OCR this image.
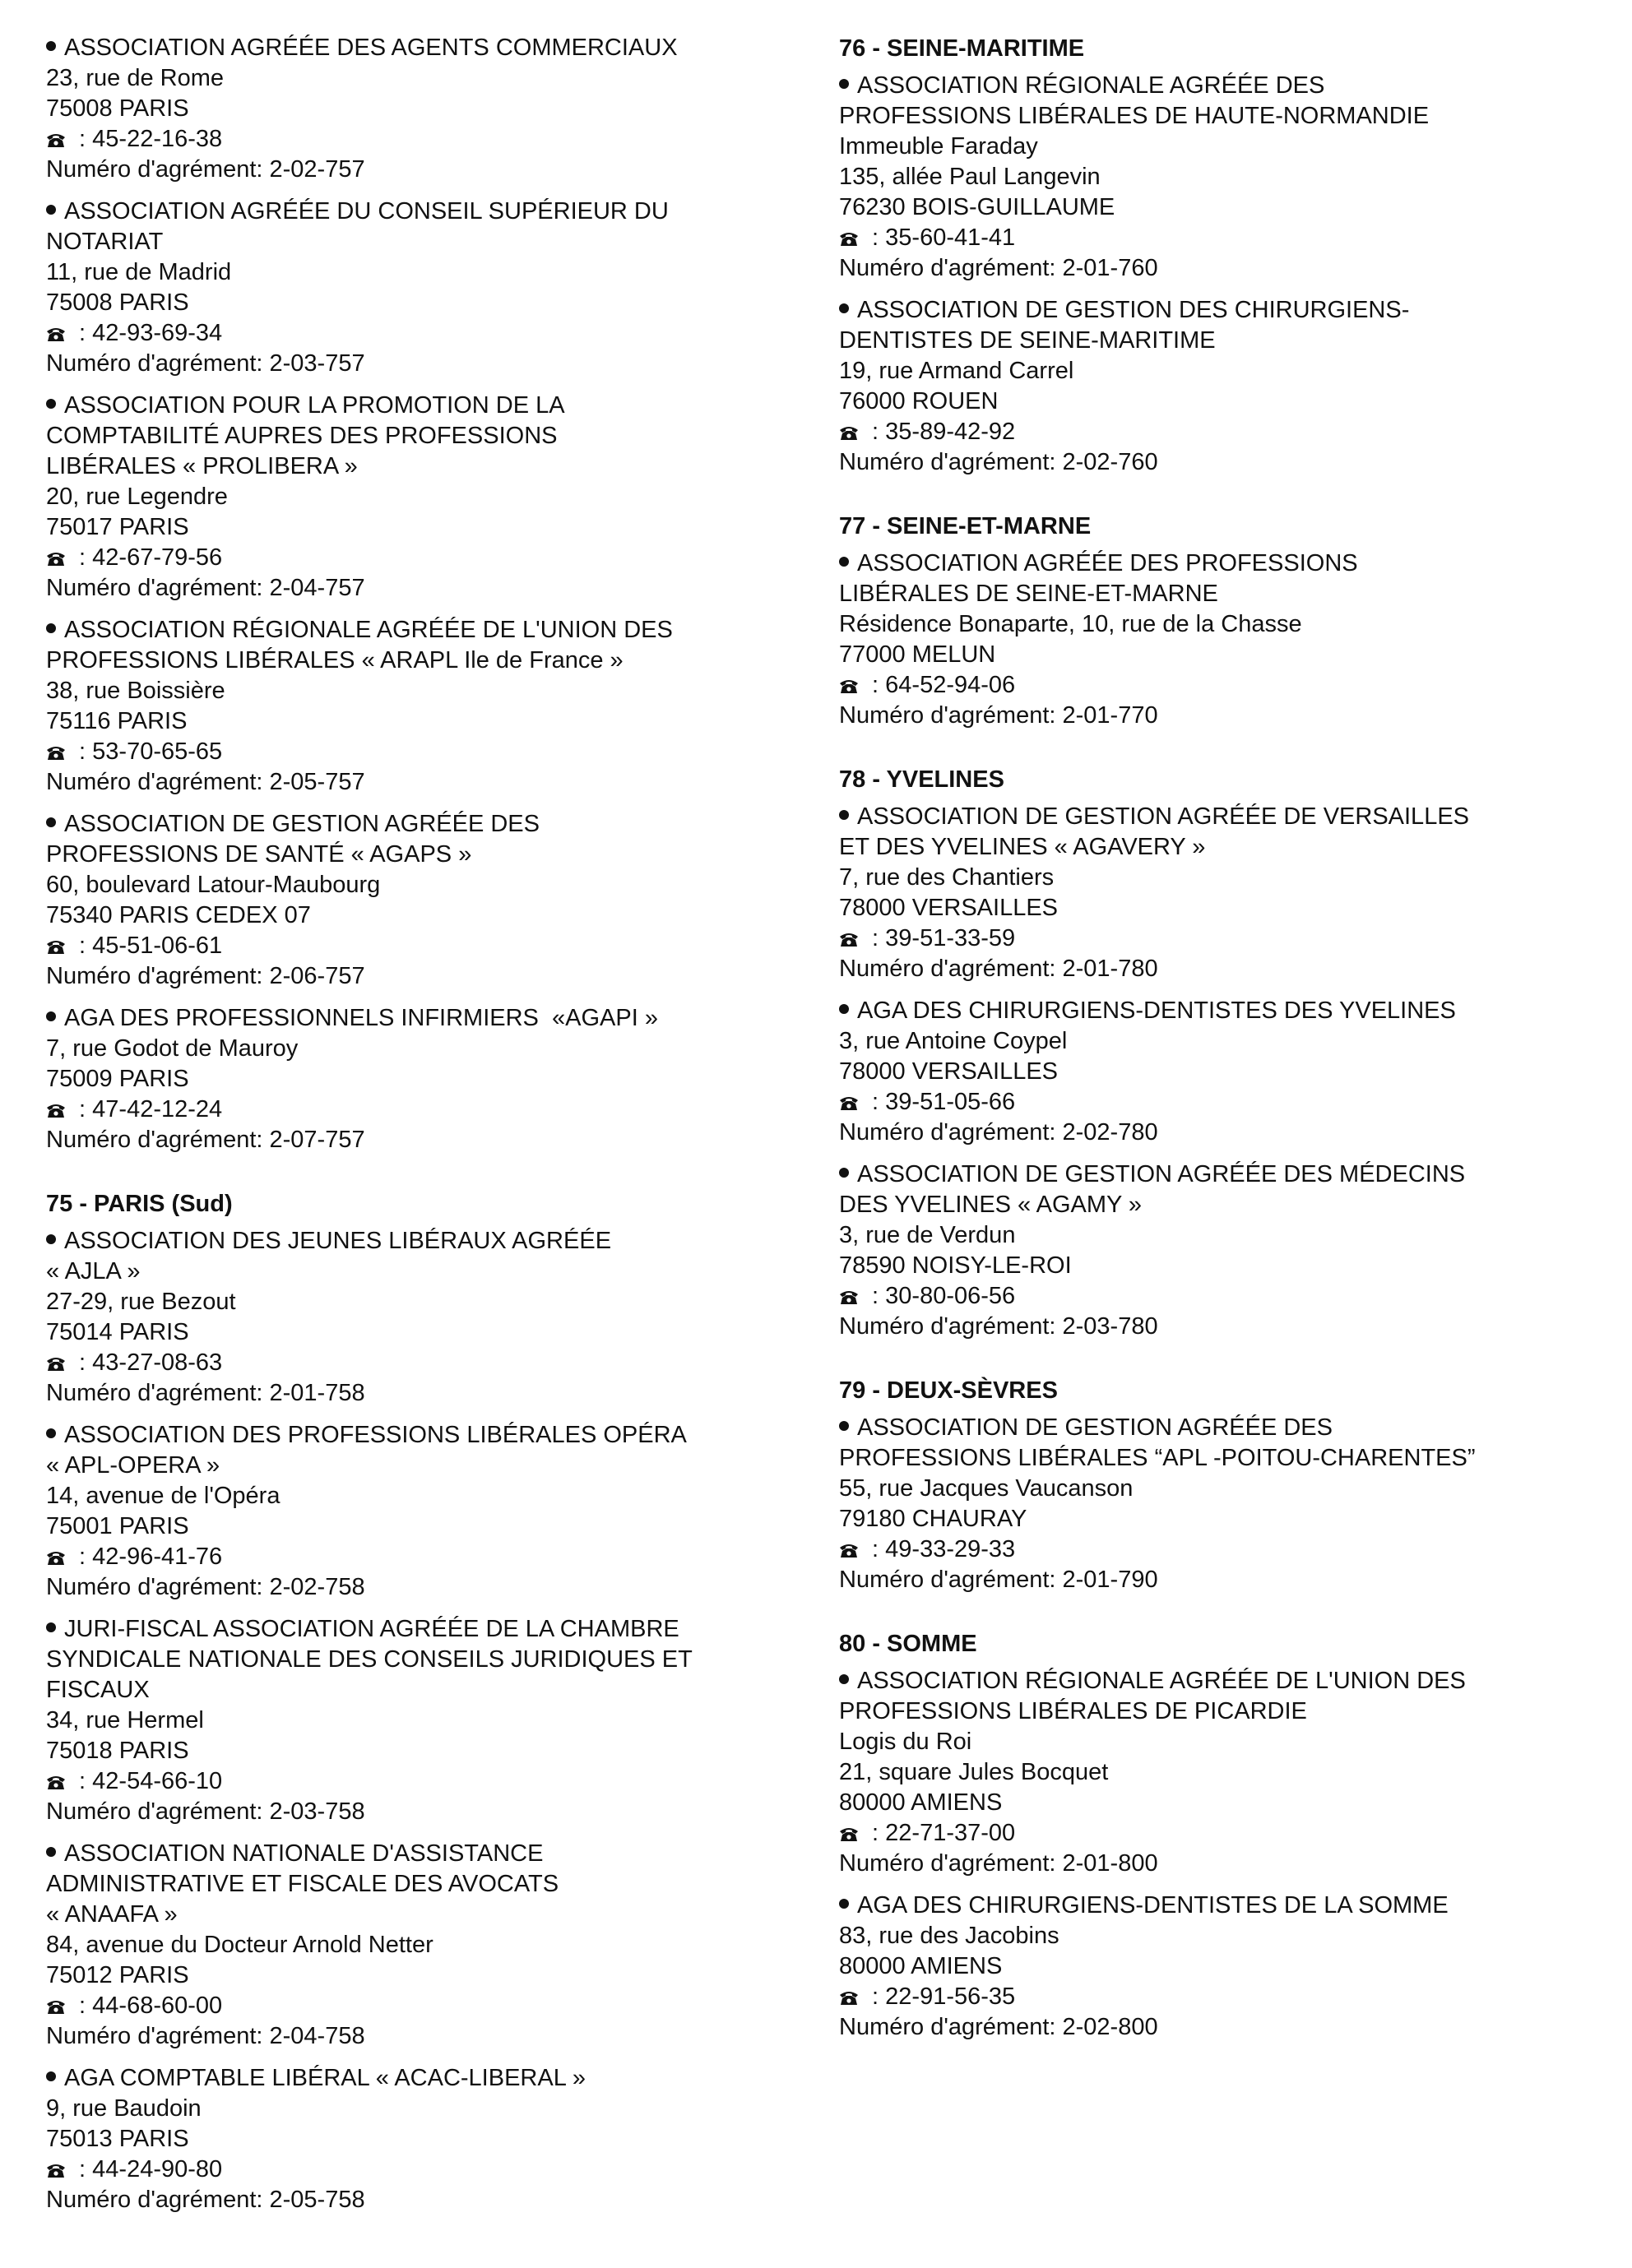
ASSOCIATION AGRÉÉE DES AGENTS COMMERCIAUX
23, rue de Rome
75008 PARIS
: 45-22-16-38
Numéro d'agrément: 2-02-757
ASSOCIATION AGRÉÉE DU CONSEIL SUPÉRIEUR DU
NOTARIAT
11, rue de Madrid
75008 PARIS
: 42-93-69-34
Numéro d'agrément: 2-03-757
ASSOCIATION POUR LA PROMOTION DE LA
COMPTABILITÉ AUPRES DES PROFESSIONS
LIBÉRALES « PROLIBERA »
20, rue Legendre
75017 PARIS
: 42-67-79-56
Numéro d'agrément: 2-04-757
ASSOCIATION RÉGIONALE AGRÉÉE DE L'UNION DES
PROFESSIONS LIBÉRALES « ARAPL Ile de France »
38, rue Boissière
75116 PARIS
: 53-70-65-65
Numéro d'agrément: 2-05-757
ASSOCIATION DE GESTION AGRÉÉE DES
PROFESSIONS DE SANTÉ « AGAPS »
60, boulevard Latour-Maubourg
75340 PARIS CEDEX 07
: 45-51-06-61
Numéro d'agrément: 2-06-757
AGA DES PROFESSIONNELS INFIRMIERS  «AGAPI »
7, rue Godot de Mauroy
75009 PARIS
: 47-42-12-24
Numéro d'agrément: 2-07-757
75 - PARIS (Sud)
ASSOCIATION DES JEUNES LIBÉRAUX AGRÉÉE
« AJLA »
27-29, rue Bezout
75014 PARIS
: 43-27-08-63
Numéro d'agrément: 2-01-758
ASSOCIATION DES PROFESSIONS LIBÉRALES OPÉRA
« APL-OPERA »
14, avenue de l'Opéra
75001 PARIS
: 42-96-41-76
Numéro d'agrément: 2-02-758
JURI-FISCAL ASSOCIATION AGRÉÉE DE LA CHAMBRE
SYNDICALE NATIONALE DES CONSEILS JURIDIQUES ET
FISCAUX
34, rue Hermel
75018 PARIS
: 42-54-66-10
Numéro d'agrément: 2-03-758
ASSOCIATION NATIONALE D'ASSISTANCE
ADMINISTRATIVE ET FISCALE DES AVOCATS
« ANAAFA »
84, avenue du Docteur Arnold Netter
75012 PARIS
: 44-68-60-00
Numéro d'agrément: 2-04-758
AGA COMPTABLE LIBÉRAL « ACAC-LIBERAL »
9, rue Baudoin
75013 PARIS
: 44-24-90-80
Numéro d'agrément: 2-05-758
76 - SEINE-MARITIME
ASSOCIATION RÉGIONALE AGRÉÉE DES
PROFESSIONS LIBÉRALES DE HAUTE-NORMANDIE
Immeuble Faraday
135, allée Paul Langevin
76230 BOIS-GUILLAUME
: 35-60-41-41
Numéro d'agrément: 2-01-760
ASSOCIATION DE GESTION DES CHIRURGIENS-
DENTISTES DE SEINE-MARITIME
19, rue Armand Carrel
76000 ROUEN
: 35-89-42-92
Numéro d'agrément: 2-02-760
77 - SEINE-ET-MARNE
ASSOCIATION AGRÉÉE DES PROFESSIONS
LIBÉRALES DE SEINE-ET-MARNE
Résidence Bonaparte, 10, rue de la Chasse
77000 MELUN
: 64-52-94-06
Numéro d'agrément: 2-01-770
78 - YVELINES
ASSOCIATION DE GESTION AGRÉÉE DE VERSAILLES
ET DES YVELINES « AGAVERY »
7, rue des Chantiers
78000 VERSAILLES
: 39-51-33-59
Numéro d'agrément: 2-01-780
AGA DES CHIRURGIENS-DENTISTES DES YVELINES
3, rue Antoine Coypel
78000 VERSAILLES
: 39-51-05-66
Numéro d'agrément: 2-02-780
ASSOCIATION DE GESTION AGRÉÉE DES MÉDECINS
DES YVELINES « AGAMY »
3, rue de Verdun
78590 NOISY-LE-ROI
: 30-80-06-56
Numéro d'agrément: 2-03-780
79 - DEUX-SÈVRES
ASSOCIATION DE GESTION AGRÉÉE DES
PROFESSIONS LIBÉRALES “APL -POITOU-CHARENTES”
55, rue Jacques Vaucanson
79180 CHAURAY
: 49-33-29-33
Numéro d'agrément: 2-01-790
80 - SOMME
ASSOCIATION RÉGIONALE AGRÉÉE DE L'UNION DES
PROFESSIONS LIBÉRALES DE PICARDIE
Logis du Roi
21, square Jules Bocquet
80000 AMIENS
: 22-71-37-00
Numéro d'agrément: 2-01-800
AGA DES CHIRURGIENS-DENTISTES DE LA SOMME
83, rue des Jacobins
80000 AMIENS
: 22-91-56-35
Numéro d'agrément: 2-02-800
